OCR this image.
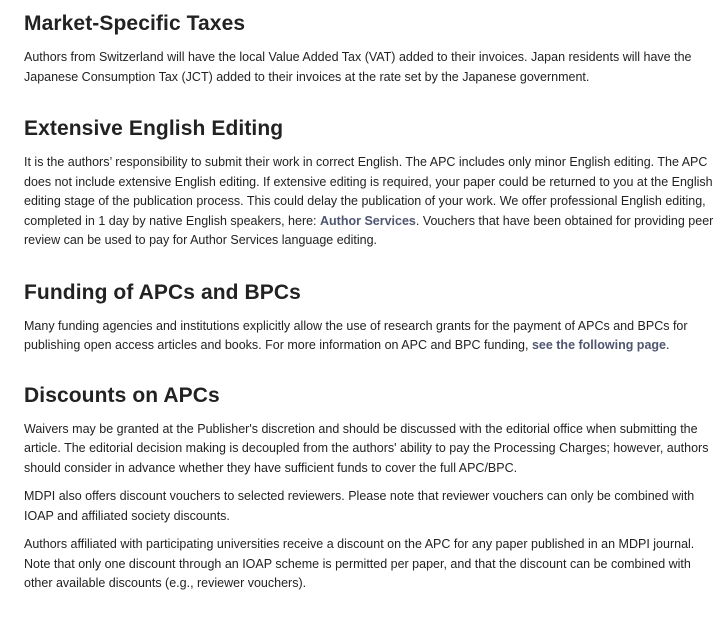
Market-Specific Taxes

Authors from Switzerland will have the local Value Added Tax (VAT) added to their invoices. Japan residents will have the Japanese Consumption Tax (JCT) added to their invoices at the rate set by the Japanese government.

Extensive English Editing

It is the authors’ responsibility to submit their work in correct English. The APC includes only minor English editing. The APC does not include extensive English editing. If extensive editing is required, your paper could be returned to you at the English editing stage of the publication process. This could delay the publication of your work. We offer professional English editing, completed in 1 day by native English speakers, here: Author Services. Vouchers that have been obtained for providing peer review can be used to pay for Author Services language editing.

Funding of APCs and BPCs

Many funding agencies and institutions explicitly allow the use of research grants for the payment of APCs and BPCs for publishing open access articles and books. For more information on APC and BPC funding, see the following page.

Discounts on APCs

Waivers may be granted at the Publisher's discretion and should be discussed with the editorial office when submitting the article. The editorial decision making is decoupled from the authors' ability to pay the Processing Charges; however, authors should consider in advance whether they have sufficient funds to cover the full APC/BPC.

MDPI also offers discount vouchers to selected reviewers. Please note that reviewer vouchers can only be combined with IOAP and affiliated society discounts.

Authors affiliated with participating universities receive a discount on the APC for any paper published in an MDPI journal. Note that only one discount through an IOAP scheme is permitted per paper, and that the discount can be combined with other available discounts (e.g., reviewer vouchers).
